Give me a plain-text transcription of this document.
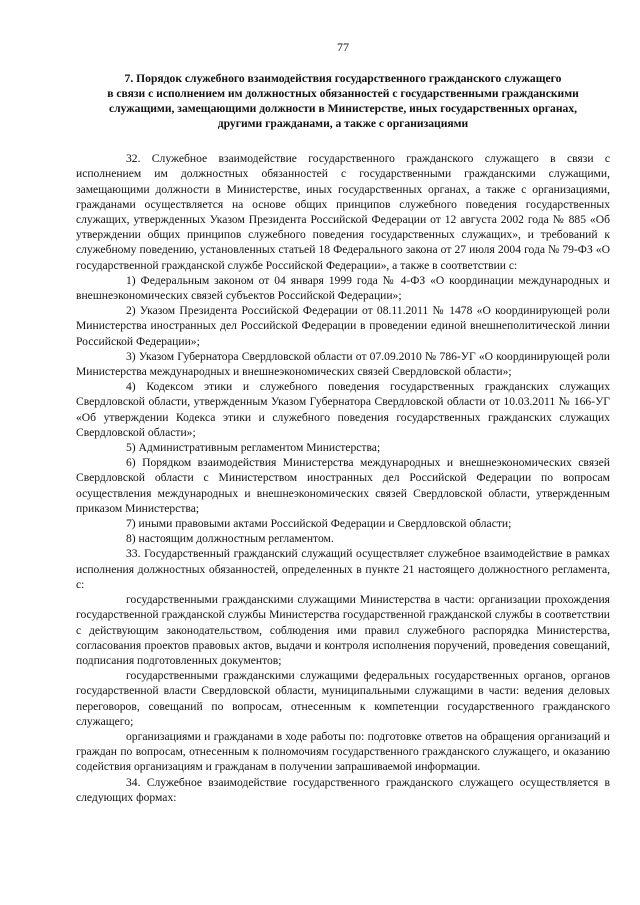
77
7. Порядок служебного взаимодействия государственного гражданского служащего
в связи с исполнением им должностных обязанностей с государственными гражданскими
служащими, замещающими должности в Министерстве, иных государственных органах,
другими гражданами, а также с организациями

32. Служебное взаимодействие государственного гражданского служащего в связи с исполнением им должностных обязанностей с государственными гражданскими служащими, замещающими должности в Министерстве, иных государственных органах, а также с организациями, гражданами осуществляется на основе общих принципов служебного поведения государственных служащих, утвержденных Указом Президента Российской Федерации от 12 августа 2002 года № 885 «Об утверждении общих принципов служебного поведения государственных служащих», и требований к служебному поведению, установленных статьей 18 Федерального закона от 27 июля 2004 года № 79-ФЗ «О государственной гражданской службе Российской Федерации», а также в соответствии с:

1) Федеральным законом от 04 января 1999 года № 4-ФЗ «О координации международных и внешнеэкономических связей субъектов Российской Федерации»;

2) Указом Президента Российской Федерации от 08.11.2011 № 1478 «О координирующей роли Министерства иностранных дел Российской Федерации в проведении единой внешнеполитической линии Российской Федерации»;

3) Указом Губернатора Свердловской области от 07.09.2010 № 786-УГ «О координирующей роли Министерства международных и внешнеэкономических связей Свердловской области»;

4) Кодексом этики и служебного поведения государственных гражданских служащих Свердловской области, утвержденным Указом Губернатора Свердловской области от 10.03.2011 № 166-УГ «Об утверждении Кодекса этики и служебного поведения государственных гражданских служащих Свердловской области»;

5) Административным регламентом Министерства;

6) Порядком взаимодействия Министерства международных и внешнеэкономических связей Свердловской области с Министерством иностранных дел Российской Федерации по вопросам осуществления международных и внешнеэкономических связей Свердловской области, утвержденным приказом Министерства;

7) иными правовыми актами Российской Федерации и Свердловской области;

8) настоящим должностным регламентом.

33. Государственный гражданский служащий осуществляет служебное взаимодействие в рамках исполнения должностных обязанностей, определенных в пункте 21 настоящего должностного регламента, с:

государственными гражданскими служащими Министерства в части: организации прохождения государственной гражданской службы Министерства государственной гражданской службы в соответствии с действующим законодательством, соблюдения ими правил служебного распорядка Министерства, согласования проектов правовых актов, выдачи и контроля исполнения поручений, проведения совещаний, подписания подготовленных документов;

государственными гражданскими служащими федеральных государственных органов, органов государственной власти Свердловской области, муниципальными служащими в части: ведения деловых переговоров, совещаний по вопросам, отнесенным к компетенции государственного гражданского служащего;

организациями и гражданами в ходе работы по: подготовке ответов на обращения организаций и граждан по вопросам, отнесенным к полномочиям государственного гражданского служащего, и оказанию содействия организациям и гражданам в получении запрашиваемой информации.

34. Служебное взаимодействие государственного гражданского служащего осуществляется в следующих формах:
